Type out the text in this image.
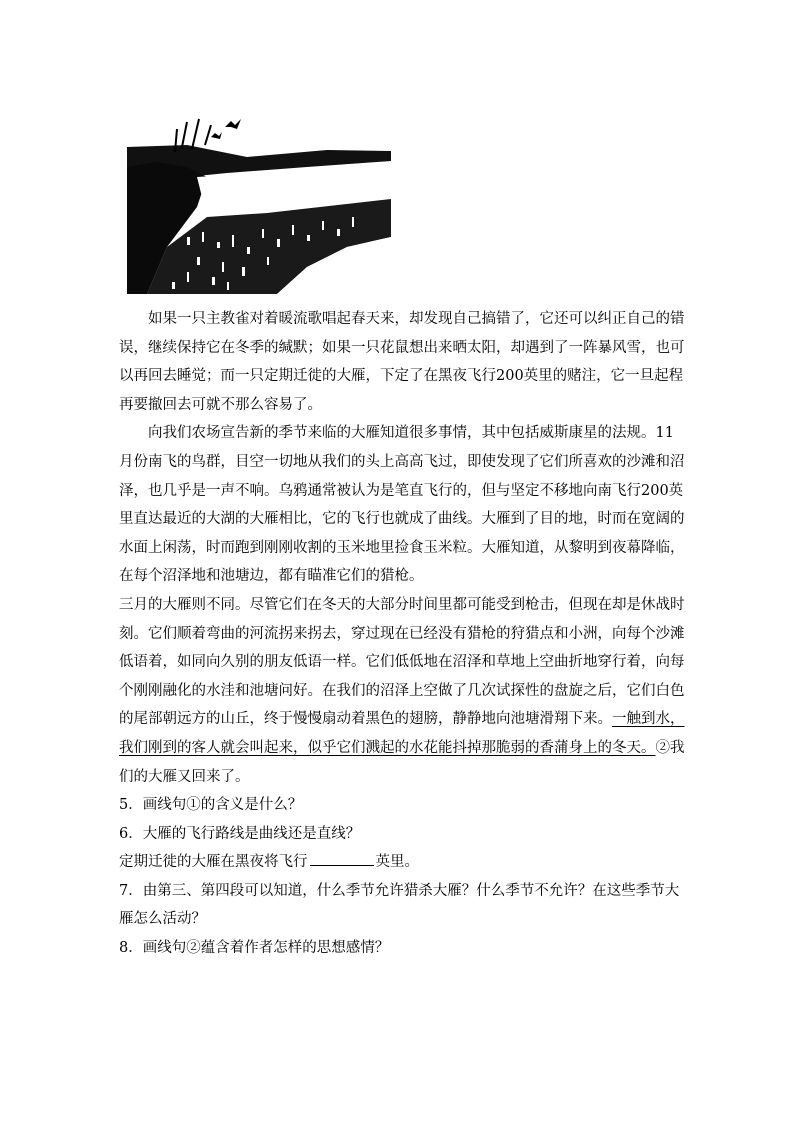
如果一只主教雀对着暖流歌唱起春天来，却发现自己搞错了，它还可以纠正自己的错误，继续保持它在冬季的缄默；如果一只花鼠想出来晒太阳，却遇到了一阵暴风雪，也可以再回去睡觉；而一只定期迁徙的大雁，下定了在黑夜飞行200英里的赌注，它一旦起程再要撤回去可就不那么容易了。

向我们农场宣告新的季节来临的大雁知道很多事情，其中包括威斯康星的法规。11月份南飞的鸟群，目空一切地从我们的头上高高飞过，即使发现了它们所喜欢的沙滩和沼泽，也几乎是一声不响。乌鸦通常被认为是笔直飞行的，但与坚定不移地向南飞行200英里直达最近的大湖的大雁相比，它的飞行也就成了曲线。大雁到了目的地，时而在宽阔的水面上闲荡，时而跑到刚刚收割的玉米地里捡食玉米粒。大雁知道，从黎明到夜幕降临，在每个沼泽地和池塘边，都有瞄准它们的猎枪。

三月的大雁则不同。尽管它们在冬天的大部分时间里都可能受到枪击，但现在却是休战时刻。它们顺着弯曲的河流拐来拐去，穿过现在已经没有猎枪的狩猎点和小洲，向每个沙滩低语着，如同向久别的朋友低语一样。它们低低地在沼泽和草地上空曲折地穿行着，向每个刚刚融化的水洼和池塘问好。在我们的沼泽上空做了几次试探性的盘旋之后，它们白色的尾部朝远方的山丘，终于慢慢扇动着黑色的翅膀，静静地向池塘滑翔下来。一触到水，我们刚到的客人就会叫起来，似乎它们溅起的水花能抖掉那脆弱的香蒲身上的冬天。②我们的大雁又回来了。

5．画线句①的含义是什么？

6．大雁的飞行路线是曲线还是直线？

定期迁徙的大雁在黑夜将飞行	英里。

7．由第三、第四段可以知道，什么季节允许猎杀大雁？什么季节不允许？在这些季节大雁怎么活动？

8．画线句②蕴含着作者怎样的思想感情？
